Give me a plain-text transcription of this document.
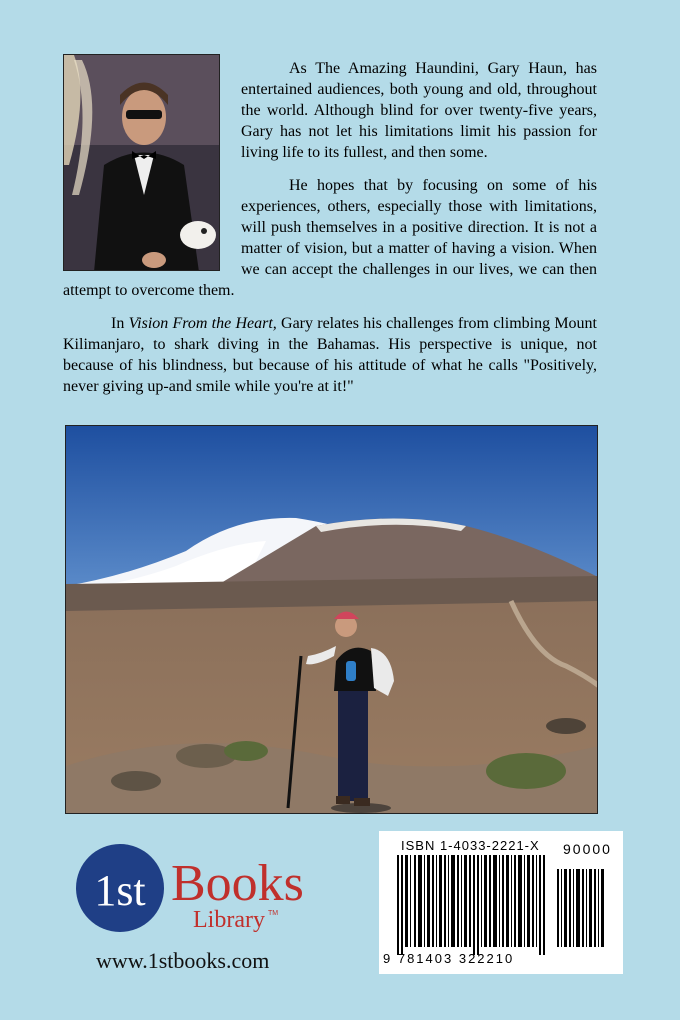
As The Amazing Haundini, Gary Haun, has entertained audiences, both young and old, throughout the world. Although blind for over twenty-five years, Gary has not let his limitations limit his passion for living life to its fullest, and then some.

He hopes that by focusing on some of his experiences, others, especially those with limitations, will push themselves in a positive direction. It is not a matter of vision, but a matter of having a vision. When we can accept the challenges in our lives, we can then attempt to overcome them.

In Vision From the Heart, Gary relates his challenges from climbing Mount Kilimanjaro, to shark diving in the Bahamas. His perspective is unique, not because of his blindness, but because of his attitude of what he calls "Positively, never giving up-and smile while you're at it!"

1st Books
Library TM
www.1stbooks.com
ISBN 1-4033-2221-X 90000
9 781403 322210
